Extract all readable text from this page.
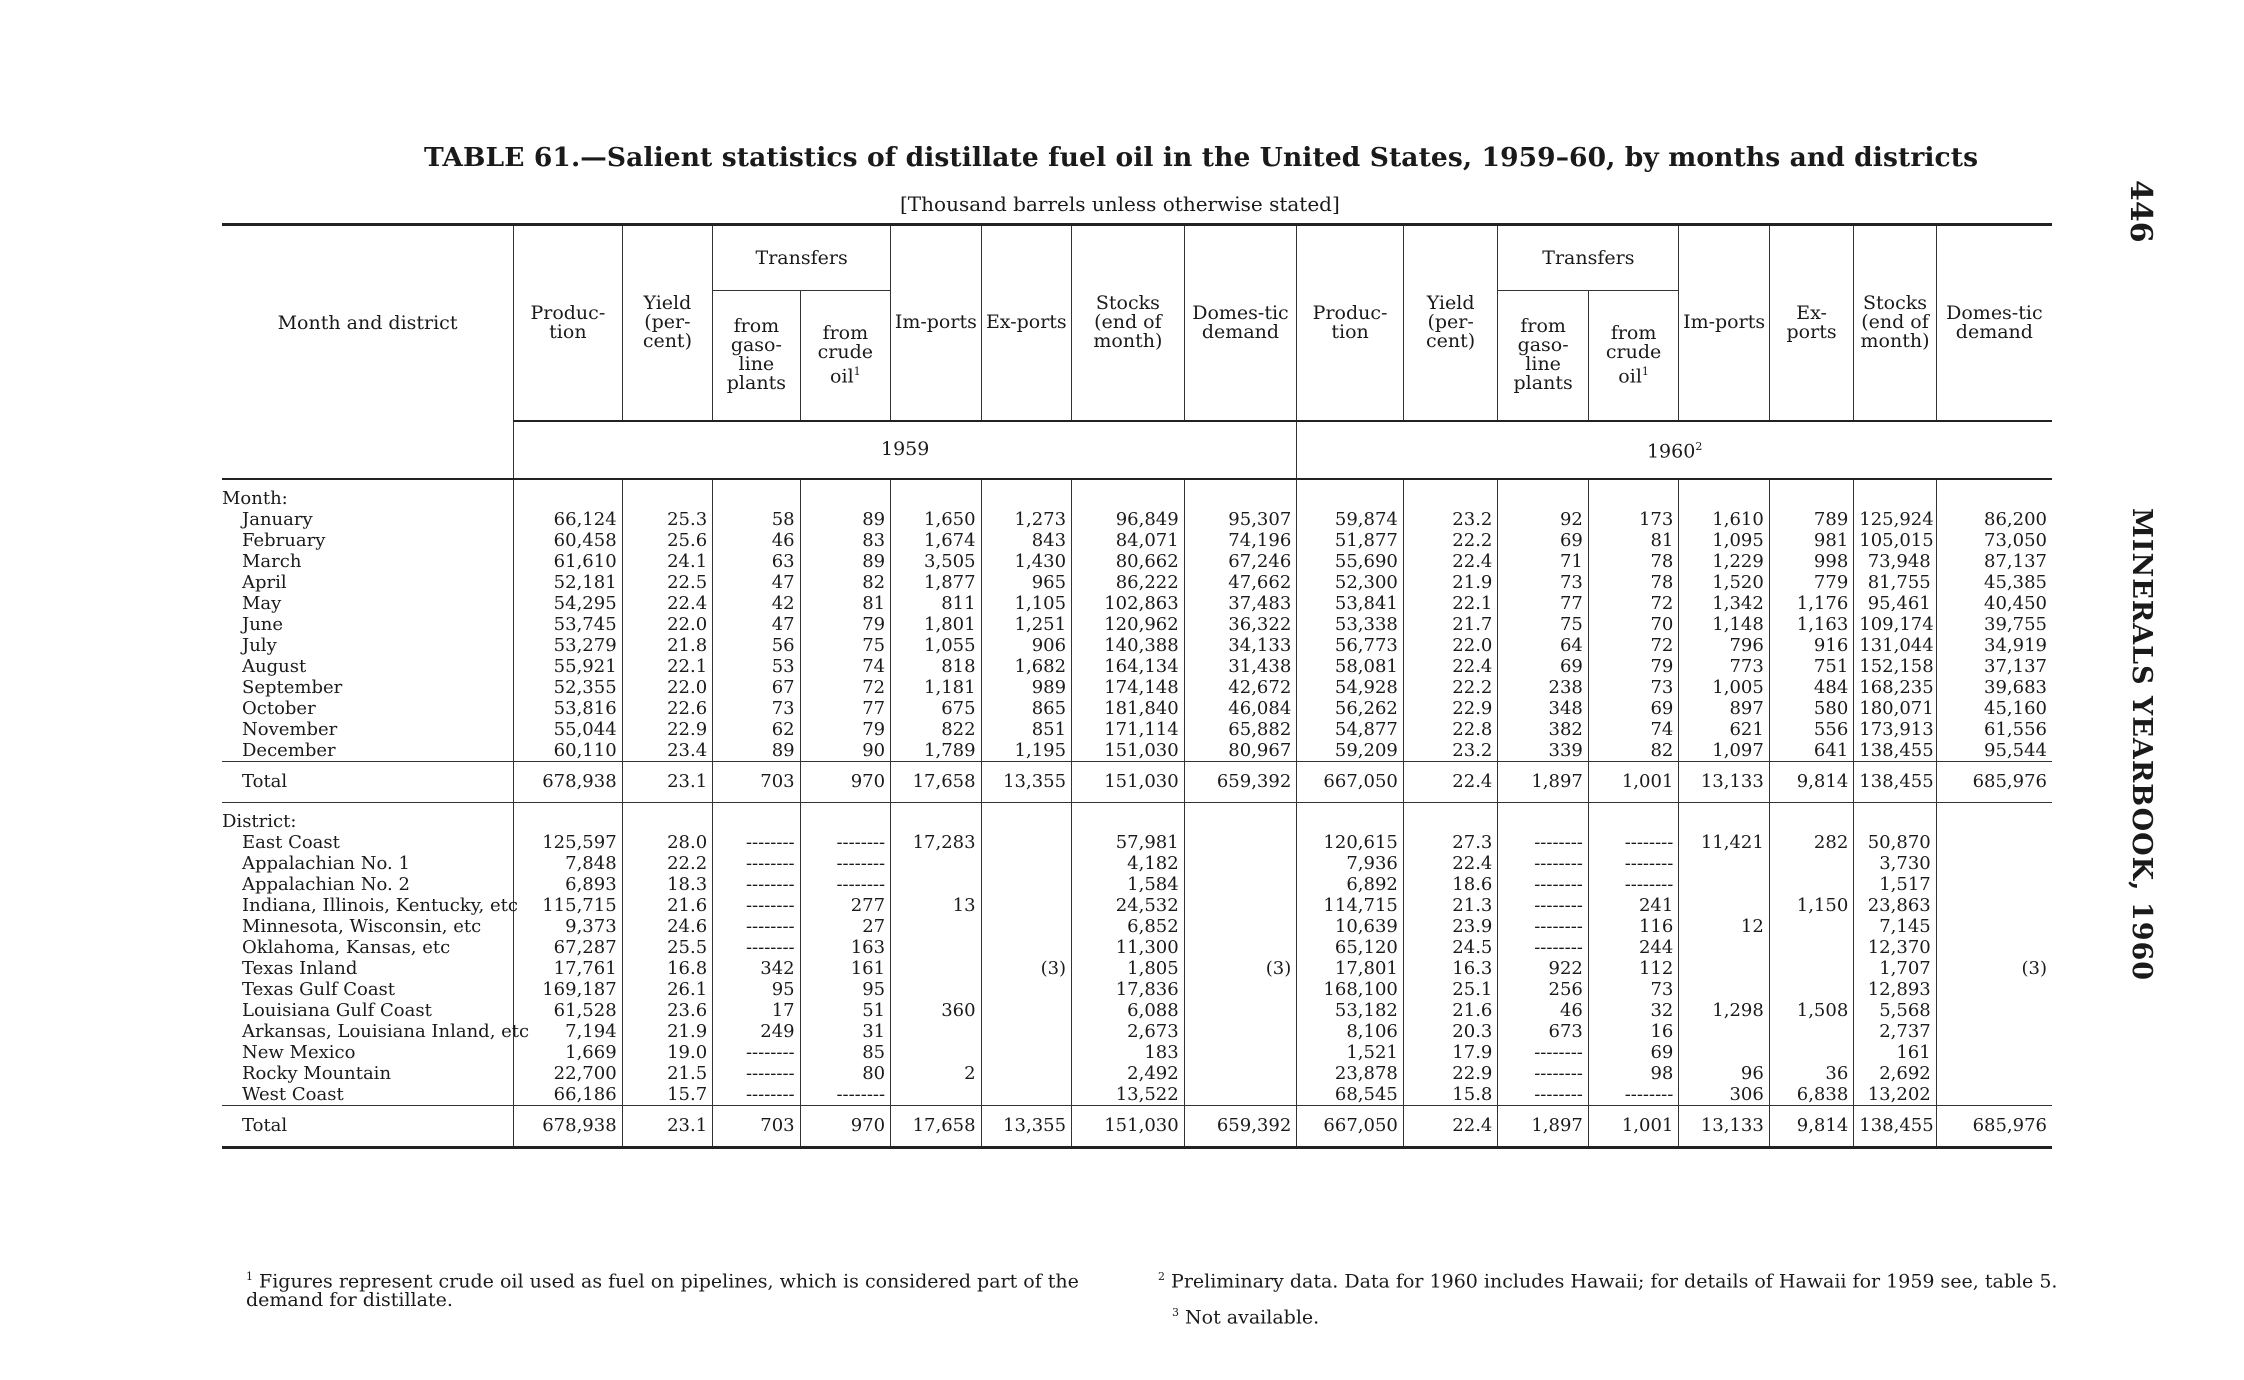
TABLE 61.—Salient statistics of distillate fuel oil in the United States, 1959–60, by months and districts
[Thousand barrels unless otherwise stated]	446
MINERALS YEARBOOK, 1960
Month and district	Produc-tion	Yield (per-cent)	Transfers		Im-ports	Ex-ports	Stocks (end of month)	Domes-tic demand	Produc-tion	Yield (per-cent)	Transfers		Im-ports	Ex-ports	Stocks (end of month)	Domes-tic demand
			from gaso-line plants	from crude oil$^1$							from gaso-line plants	from crude oil$^1$
	1959								1960$^2$
Month:																
January	66,124	25.3	58	89	1,650	1,273	96,849	95,307	59,874	23.2	92	173	1,610	789	125,924	86,200
February	60,458	25.6	46	83	1,674	843	84,071	74,196	51,877	22.2	69	81	1,095	981	105,015	73,050
March	61,610	24.1	63	89	3,505	1,430	80,662	67,246	55,690	22.4	71	78	1,229	998	73,948	87,137
April	52,181	22.5	47	82	1,877	965	86,222	47,662	52,300	21.9	73	78	1,520	779	81,755	45,385
May	54,295	22.4	42	81	811	1,105	102,863	37,483	53,841	22.1	77	72	1,342	1,176	95,461	40,450
June	53,745	22.0	47	79	1,801	1,251	120,962	36,322	53,338	21.7	75	70	1,148	1,163	109,174	39,755
July	53,279	21.8	56	75	1,055	906	140,388	34,133	56,773	22.0	64	72	796	916	131,044	34,919
August	55,921	22.1	53	74	818	1,682	164,134	31,438	58,081	22.4	69	79	773	751	152,158	37,137
September	52,355	22.0	67	72	1,181	989	174,148	42,672	54,928	22.2	238	73	1,005	484	168,235	39,683
October	53,816	22.6	73	77	675	865	181,840	46,084	56,262	22.9	348	69	897	580	180,071	45,160
November	55,044	22.9	62	79	822	851	171,114	65,882	54,877	22.8	382	74	621	556	173,913	61,556
December	60,110	23.4	89	90	1,789	1,195	151,030	80,967	59,209	23.2	339	82	1,097	641	138,455	95,544
Total	678,938	23.1	703	970	17,658	13,355	151,030	659,392	667,050	22.4	1,897	1,001	13,133	9,814	138,455	685,976
District:																
East Coast	125,597	28.0	--------	--------	17,283		57,981		120,615	27.3	--------	--------	11,421	282	50,870	
Appalachian No. 1	7,848	22.2	--------	--------			4,182		7,936	22.4	--------	--------			3,730	
Appalachian No. 2	6,893	18.3	--------	--------			1,584		6,892	18.6	--------	--------			1,517	
Indiana, Illinois, Kentucky, etc	115,715	21.6	--------	277	13		24,532		114,715	21.3	--------	241		1,150	23,863	
Minnesota, Wisconsin, etc	9,373	24.6	--------	27			6,852		10,639	23.9	--------	116	12		7,145	
Oklahoma, Kansas, etc	67,287	25.5	--------	163			11,300		65,120	24.5	--------	244			12,370	
Texas Inland	17,761	16.8	342	161		(3)	1,805	(3)	17,801	16.3	922	112			1,707	(3)
Texas Gulf Coast	169,187	26.1	95	95			17,836		168,100	25.1	256	73			12,893	
Louisiana Gulf Coast	61,528	23.6	17	51	360		6,088		53,182	21.6	46	32	1,298	1,508	5,568	
Arkansas, Louisiana Inland, etc	7,194	21.9	249	31			2,673		8,106	20.3	673	16			2,737	
New Mexico	1,669	19.0	--------	85			183		1,521	17.9	--------	69			161	
Rocky Mountain	22,700	21.5	--------	80	2		2,492		23,878	22.9	--------	98	96	36	2,692	
West Coast	66,186	15.7	--------	--------			13,522		68,545	15.8	--------	--------	306	6,838	13,202	
Total	678,938	23.1	703	970	17,658	13,355	151,030	659,392	667,050	22.4	1,897	1,001	13,133	9,814	138,455	685,976
$^1$ Figures represent crude oil used as fuel on pipelines, which is considered part of the demand for distillate.
$^2$ Preliminary data. Data for 1960 includes Hawaii; for details of Hawaii for 1959 see, table 5.
$^3$ Not available.
